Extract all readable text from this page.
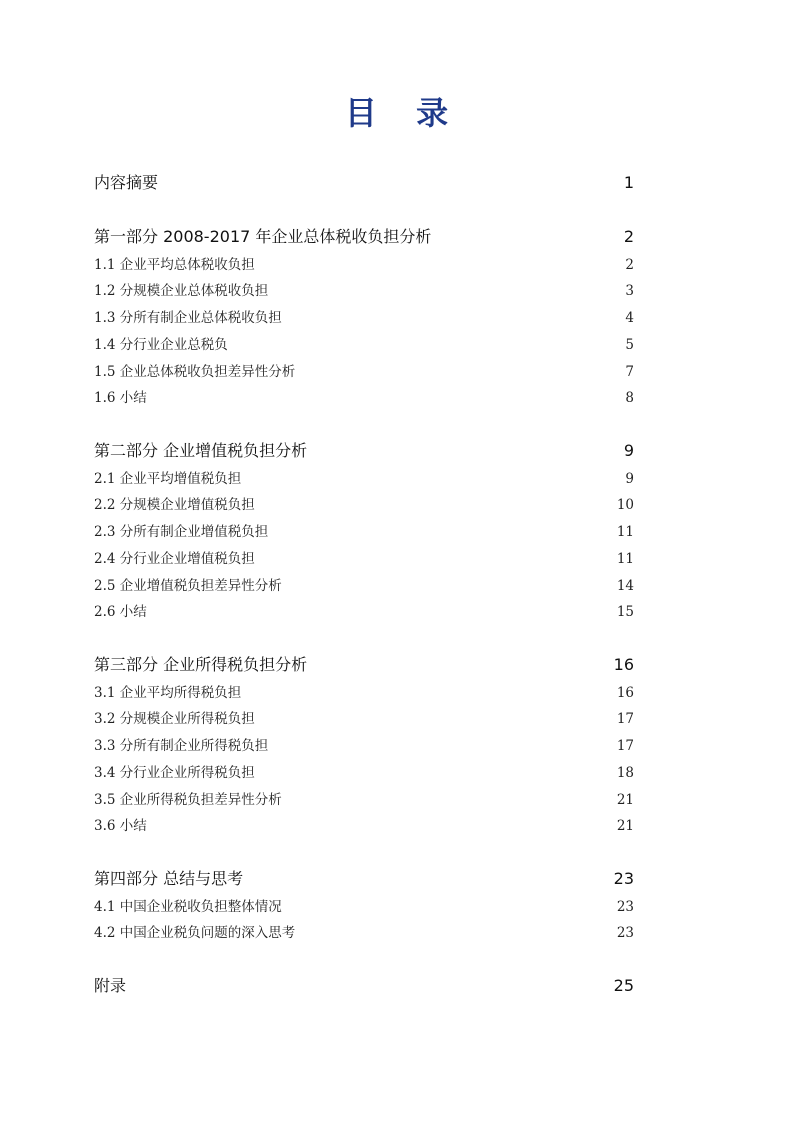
目 录
内容摘要	1
第一部分 2008-2017 年企业总体税收负担分析	2
1.1 企业平均总体税收负担	2
1.2 分规模企业总体税收负担	3
1.3 分所有制企业总体税收负担	4
1.4 分行业企业总税负	5
1.5 企业总体税收负担差异性分析	7
1.6 小结	8
第二部分 企业增值税负担分析	9
2.1 企业平均增值税负担	9
2.2 分规模企业增值税负担	10
2.3 分所有制企业增值税负担	11
2.4 分行业企业增值税负担	11
2.5 企业增值税负担差异性分析	14
2.6 小结	15
第三部分 企业所得税负担分析	16
3.1 企业平均所得税负担	16
3.2 分规模企业所得税负担	17
3.3 分所有制企业所得税负担	17
3.4 分行业企业所得税负担	18
3.5 企业所得税负担差异性分析	21
3.6 小结	21
第四部分 总结与思考	23
4.1 中国企业税收负担整体情况	23
4.2 中国企业税负问题的深入思考	23
附录	25
